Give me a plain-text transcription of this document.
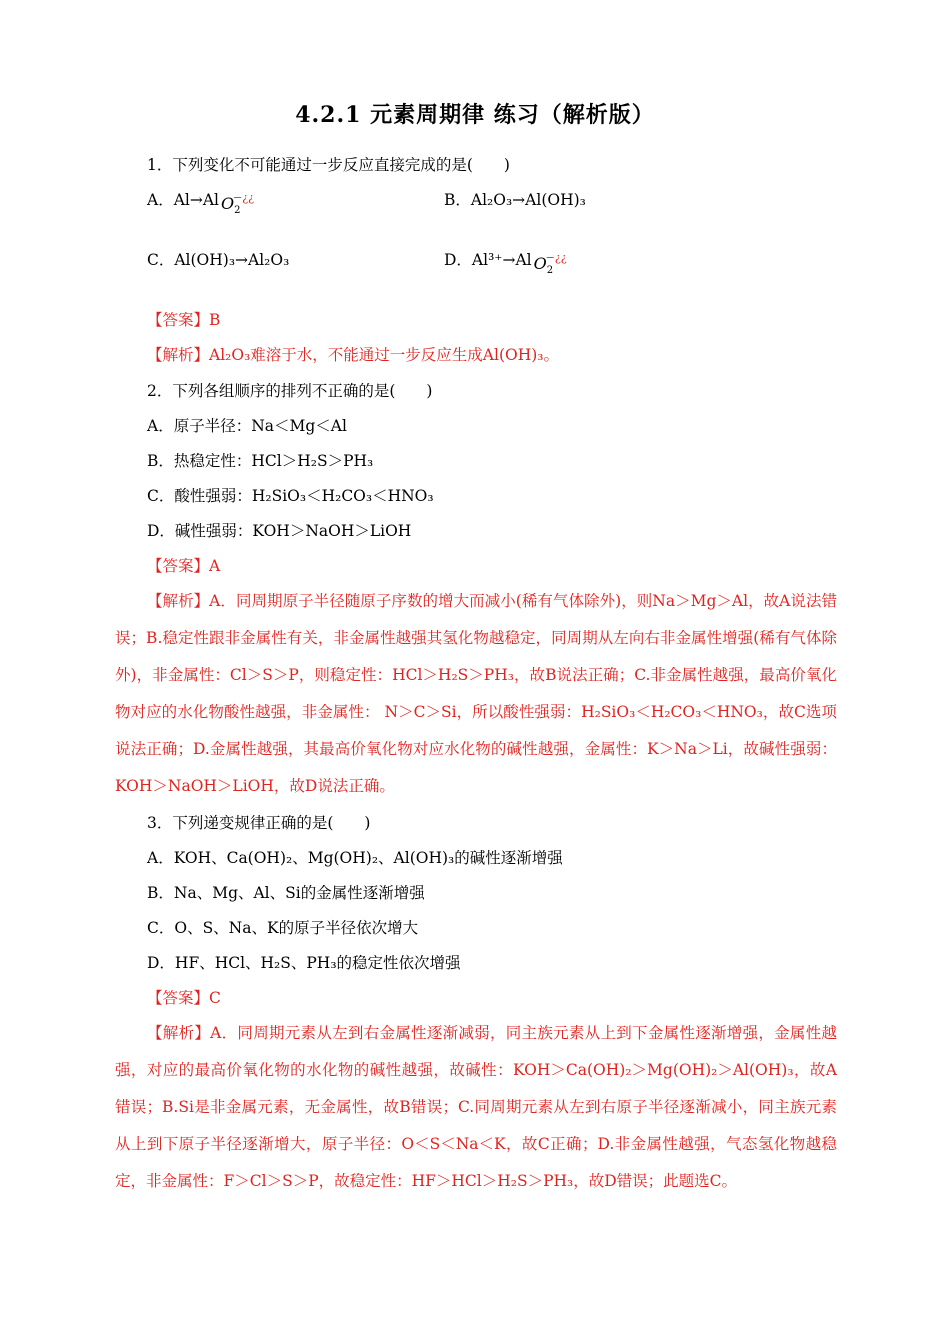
4.2.1 元素周期律 练习（解析版）
1．下列变化不可能通过一步反应直接完成的是(　　)
A．Al→Al $O_2$
−¿¿	B．Al₂O₃→Al(OH)₃
C．Al(OH)₃→Al₂O₃	D．Al³⁺→Al $O_2$
−¿¿
【答案】B
【解析】Al₂O₃难溶于水，不能通过一步反应生成Al(OH)₃。
2．下列各组顺序的排列不正确的是(　　)
A．原子半径：Na＜Mg＜Al
B．热稳定性：HCl＞H₂S＞PH₃
C．酸性强弱：H₂SiO₃＜H₂CO₃＜HNO₃
D．碱性强弱：KOH＞NaOH＞LiOH
【答案】A
【解析】A．同周期原子半径随原子序数的增大而减小(稀有气体除外)，则Na＞Mg＞Al，故A说法错误；B.稳定性跟非金属性有关，非金属性越强其氢化物越稳定，同周期从左向右非金属性增强(稀有气体除外)，非金属性：Cl＞S＞P，则稳定性：HCl＞H₂S＞PH₃，故B说法正确；C.非金属性越强，最高价氧化物对应的水化物酸性越强，非金属性： N＞C＞Si，所以酸性强弱：H₂SiO₃＜H₂CO₃＜HNO₃，故C选项说法正确；D.金属性越强，其最高价氧化物对应水化物的碱性越强，金属性：K＞Na＞Li，故碱性强弱：KOH＞NaOH＞LiOH，故D说法正确。
3．下列递变规律正确的是(　　)
A．KOH、Ca(OH)₂、Mg(OH)₂、Al(OH)₃的碱性逐渐增强
B．Na、Mg、Al、Si的金属性逐渐增强
C．O、S、Na、K的原子半径依次增大
D．HF、HCl、H₂S、PH₃的稳定性依次增强
【答案】C
【解析】A．同周期元素从左到右金属性逐渐减弱，同主族元素从上到下金属性逐渐增强，金属性越强，对应的最高价氧化物的水化物的碱性越强，故碱性：KOH＞Ca(OH)₂＞Mg(OH)₂＞Al(OH)₃，故A错误；B.Si是非金属元素，无金属性，故B错误；C.同周期元素从左到右原子半径逐渐减小，同主族元素从上到下原子半径逐渐增大，原子半径：O＜S＜Na＜K，故C正确；D.非金属性越强，气态氢化物越稳定，非金属性：F＞Cl＞S＞P，故稳定性：HF＞HCl＞H₂S＞PH₃，故D错误；此题选C。
